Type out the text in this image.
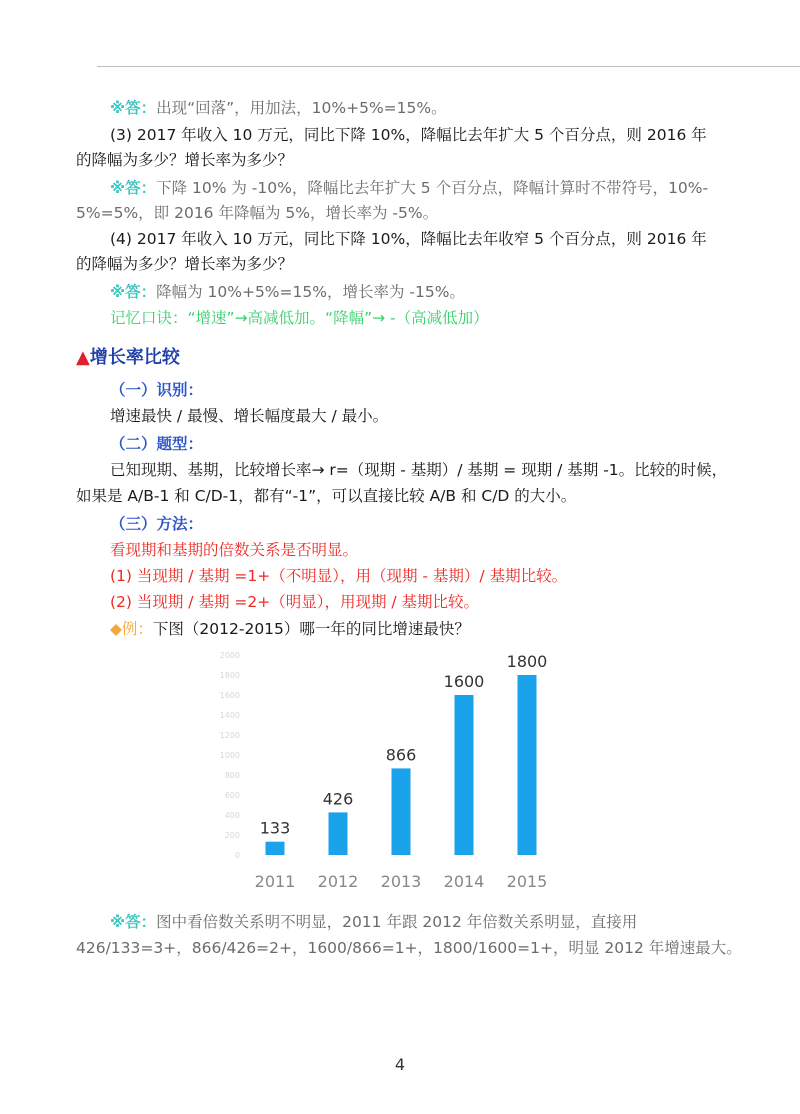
※答：出现“回落”，用加法，10%+5%=15%。
(3) 2017 年收入 10 万元，同比下降 10%，降幅比去年扩大 5 个百分点，则 2016 年
的降幅为多少？增长率为多少？
※答：下降 10% 为 -10%，降幅比去年扩大 5 个百分点，降幅计算时不带符号，10%-
5%=5%，即 2016 年降幅为 5%，增长率为 -5%。
(4) 2017 年收入 10 万元，同比下降 10%，降幅比去年收窄 5 个百分点，则 2016 年
的降幅为多少？增长率为多少？
※答：降幅为 10%+5%=15%，增长率为 -15%。
记忆口诀：“增速”→高减低加。“降幅”→ -（高减低加）
▲增长率比较
（一）识别：
增速最快 / 最慢、增长幅度最大 / 最小。
（二）题型：
已知现期、基期，比较增长率→ r=（现期 - 基期）/ 基期 = 现期 / 基期 -1。比较的时候，
如果是 A/B-1 和 C/D-1，都有“-1”，可以直接比较 A/B 和 C/D 的大小。
（三）方法：
看现期和基期的倍数关系是否明显。
(1) 当现期 / 基期 =1+（不明显），用（现期 - 基期）/ 基期比较。
(2) 当现期 / 基期 =2+（明显），用现期 / 基期比较。
◆例：下图（2012-2015）哪一年的同比增速最快？
0
200
400
600
800
1000
1200
1400
1600
1800
2000
133
2011
426
2012
866
2013
1600
2014
1800
2015
※答：图中看倍数关系明不明显，2011 年跟 2012 年倍数关系明显，直接用
426/133=3+，866/426=2+，1600/866=1+，1800/1600=1+，明显 2012 年增速最大。
4
